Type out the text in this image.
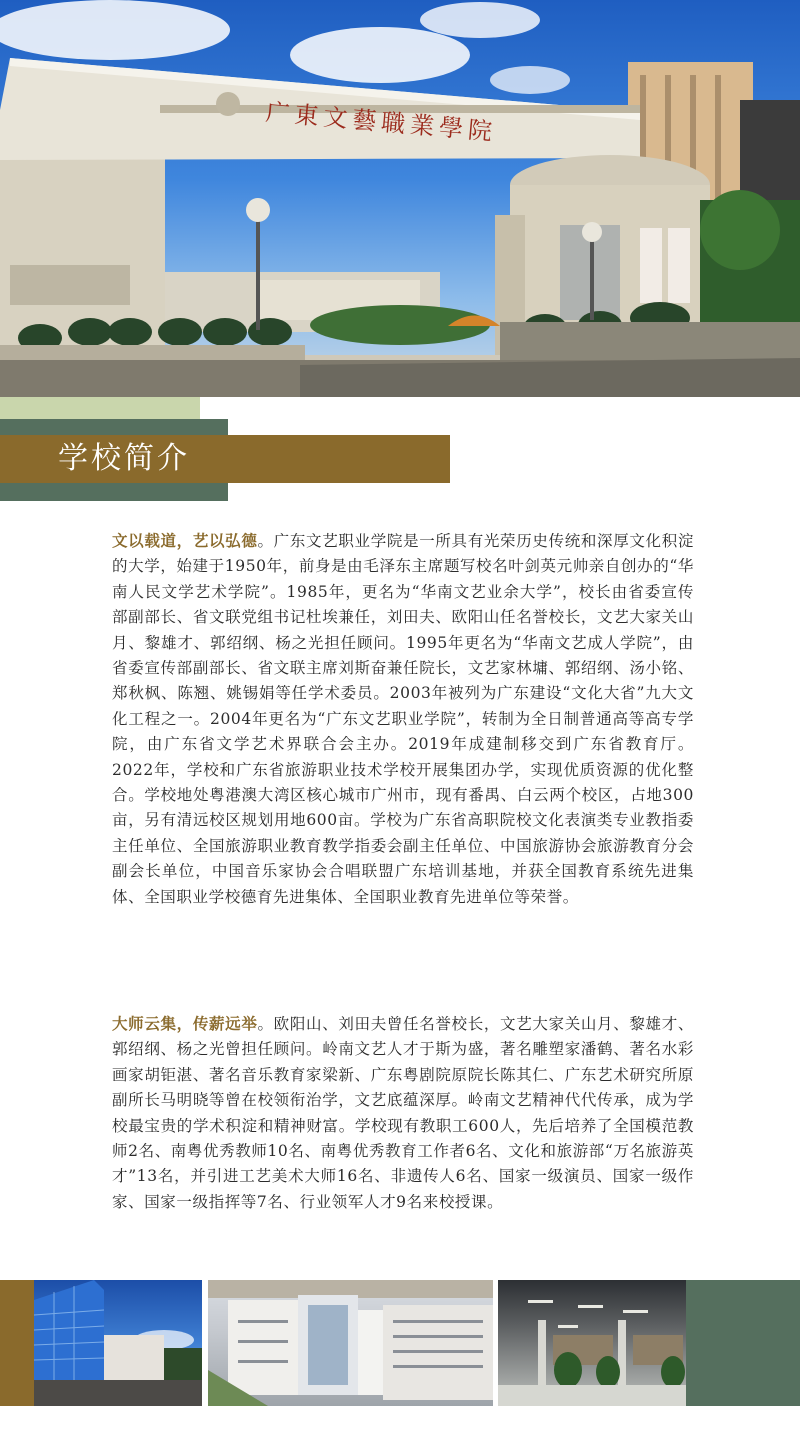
广東文藝職業學院
学校简介

文以载道，艺以弘德。广东文艺职业学院是一所具有光荣历史传统和深厚文化积淀的大学，始建于1950年，前身是由毛泽东主席题写校名叶剑英元帅亲自创办的“华南人民文学艺术学院”。1985年，更名为“华南文艺业余大学”，校长由省委宣传部副部长、省文联党组书记杜埃兼任，刘田夫、欧阳山任名誉校长，文艺大家关山月、黎雄才、郭绍纲、杨之光担任顾问。1995年更名为“华南文艺成人学院”，由省委宣传部副部长、省文联主席刘斯奋兼任院长，文艺家林墉、郭绍纲、汤小铭、郑秋枫、陈翘、姚锡娟等任学术委员。2003年被列为广东建设“文化大省”九大文化工程之一。2004年更名为“广东文艺职业学院”，转制为全日制普通高等高专学院，由广东省文学艺术界联合会主办。2019年成建制移交到广东省教育厅。2022年，学校和广东省旅游职业技术学校开展集团办学，实现优质资源的优化整合。学校地处粤港澳大湾区核心城市广州市，现有番禺、白云两个校区，占地300亩，另有清远校区规划用地600亩。学校为广东省高职院校文化表演类专业教指委主任单位、全国旅游职业教育教学指委会副主任单位、中国旅游协会旅游教育分会副会长单位，中国音乐家协会合唱联盟广东培训基地，并获全国教育系统先进集体、全国职业学校德育先进集体、全国职业教育先进单位等荣誉。

大师云集，传薪远举。欧阳山、刘田夫曾任名誉校长，文艺大家关山月、黎雄才、郭绍纲、杨之光曾担任顾问。岭南文艺人才于斯为盛，著名雕塑家潘鹤、著名水彩画家胡钜湛、著名音乐教育家梁新、广东粤剧院原院长陈其仁、广东艺术研究所原副所长马明晓等曾在校领衔治学，文艺底蕴深厚。岭南文艺精神代代传承，成为学校最宝贵的学术积淀和精神财富。学校现有教职工600人，先后培养了全国模范教师2名、南粤优秀教师10名、南粤优秀教育工作者6名、文化和旅游部“万名旅游英才”13名，并引进工艺美术大师16名、非遗传人6名、国家一级演员、国家一级作家、国家一级指挥等7名、行业领军人才9名来校授课。
